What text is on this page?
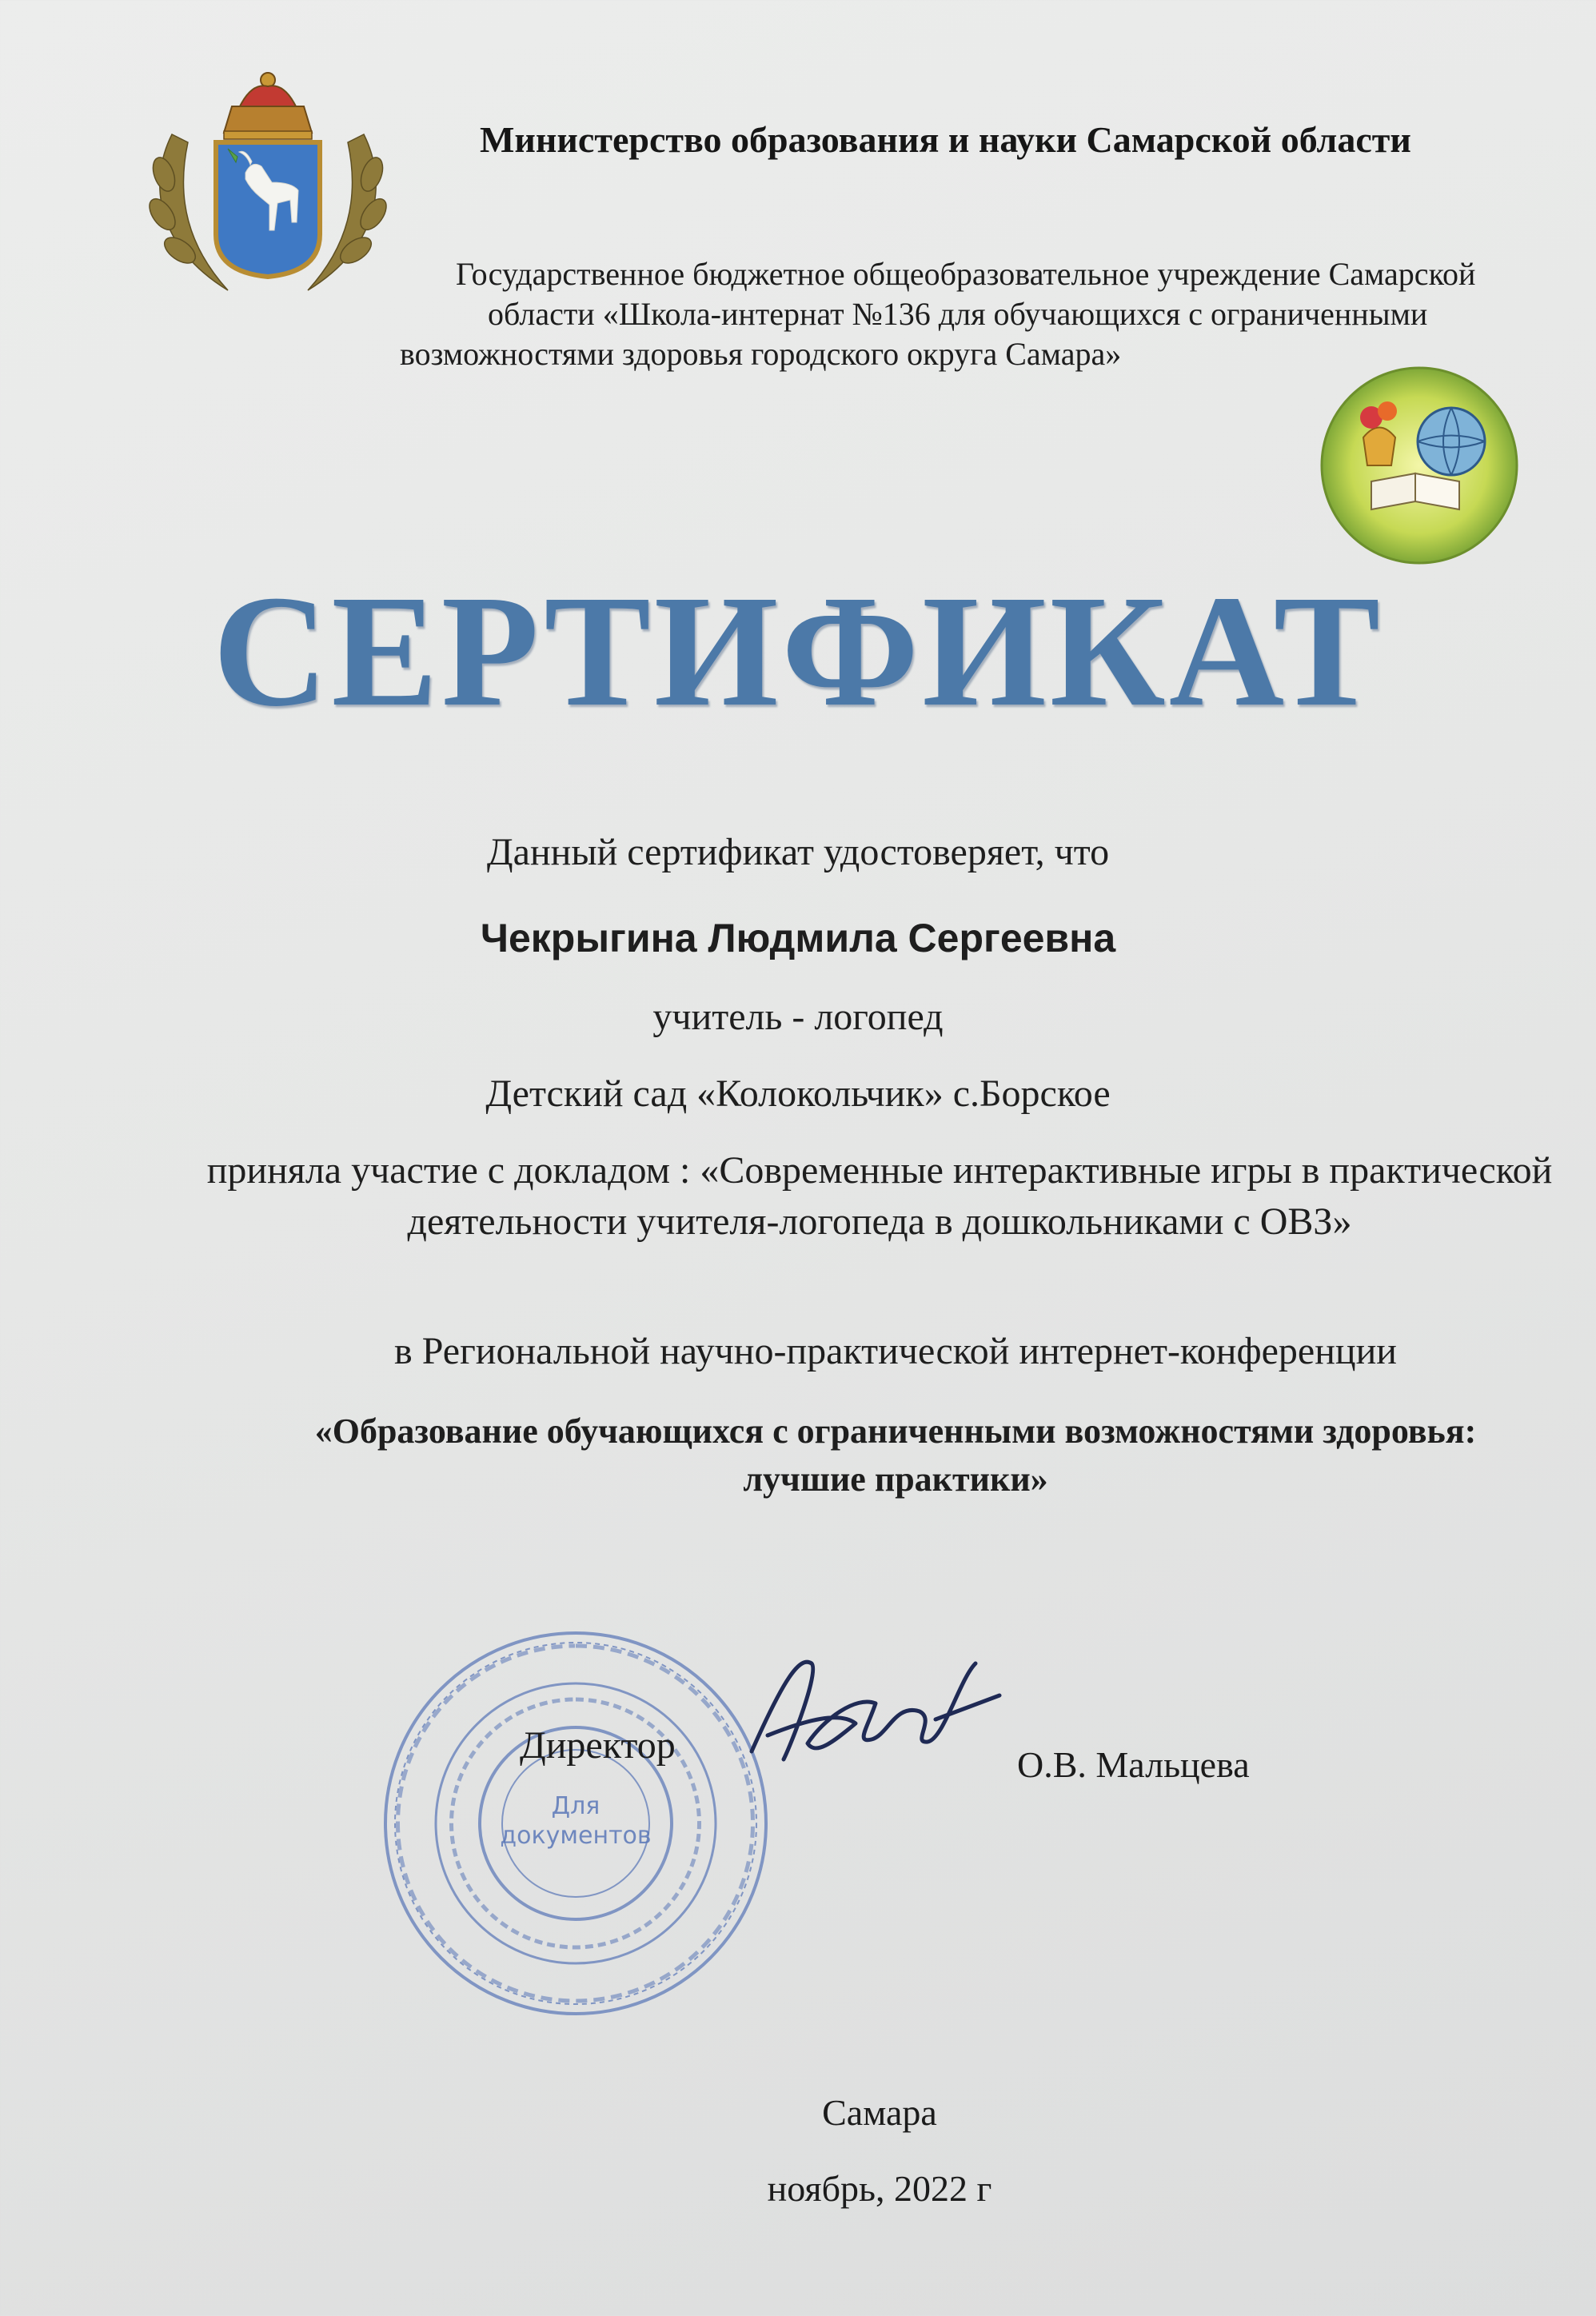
Министерство образования и науки Самарской области
Государственное бюджетное общеобразовательное учреждение Самарской
области «Школа-интернат №136 для обучающихся с ограниченными
возможностями здоровья городского округа Самара»
СЕРТИФИКАТ
Данный сертификат удостоверяет, что
Чекрыгина Людмила Сергеевна
учитель - логопед
Детский сад «Колокольчик» с.Борское
приняла участие с докладом : «Современные интерактивные игры в практической деятельности учителя-логопеда в дошкольниками с ОВЗ»
в Региональной научно-практической интернет-конференции
«Образование обучающихся с ограниченными возможностями здоровья: лучшие практики»
Для
документов
Директор	О.В. Мальцева
Самара
ноябрь, 2022 г
